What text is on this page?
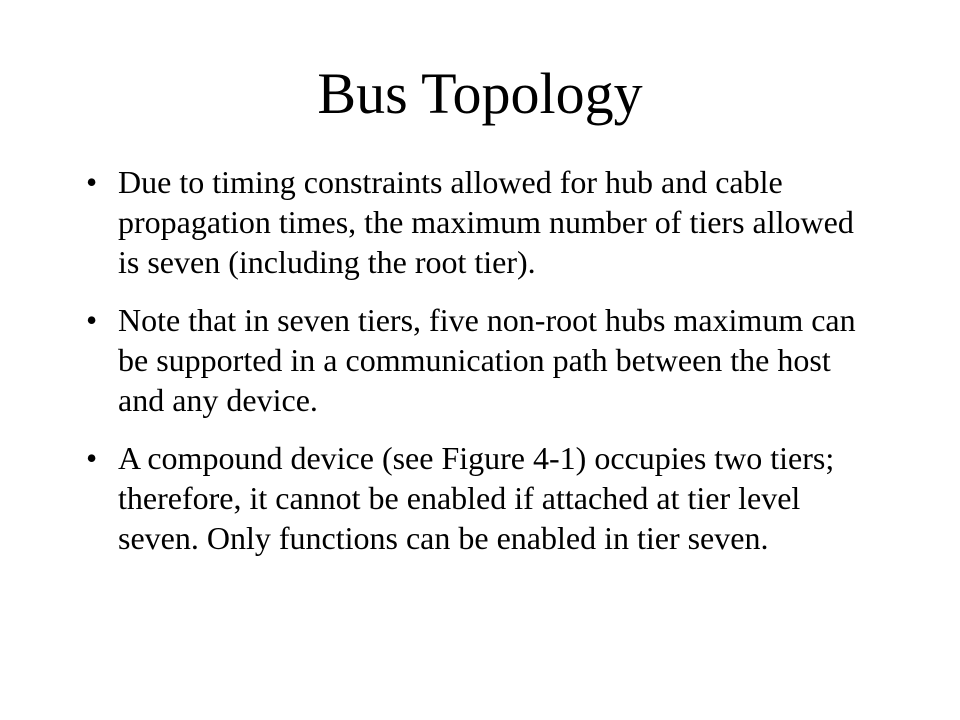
Bus Topology
• Due to timing constraints allowed for hub and cable propagation times, the maximum number of tiers allowed is seven (including the root tier).
• Note that in seven tiers, five non-root hubs maximum can be supported in a communication path between the host and any device.
• A compound device (see Figure 4-1) occupies two tiers; therefore, it cannot be enabled if attached at tier level seven. Only functions can be enabled in tier seven.
